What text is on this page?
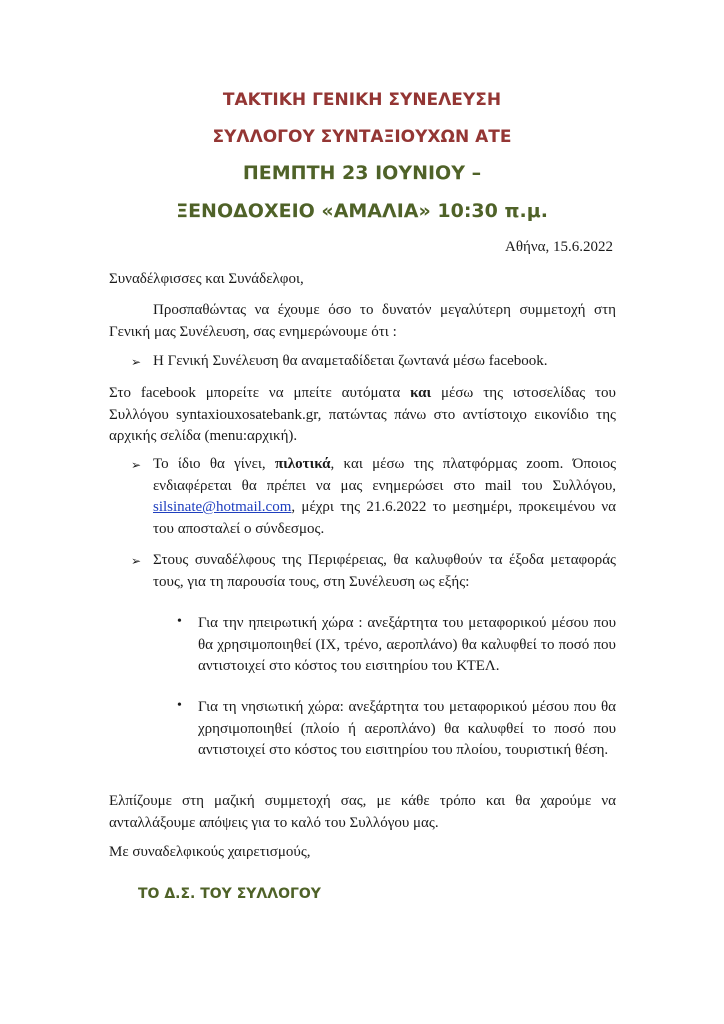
ΤΑΚΤΙΚΗ ΓΕΝΙΚΗ ΣΥΝΕΛΕΥΣΗ
ΣΥΛΛΟΓΟΥ ΣΥΝΤΑΞΙΟΥΧΩΝ ΑΤΕ
ΠΕΜΠΤΗ 23 ΙΟΥΝΙΟΥ –
ΞΕΝΟΔΟΧΕΙΟ «ΑΜΑΛΙΑ» 10:30 π.μ.
Αθήνα, 15.6.2022

Συναδέλφισσες και Συνάδελφοι,

Προσπαθώντας να έχουμε όσο το δυνατόν μεγαλύτερη συμμετοχή στη Γενική μας Συνέλευση, σας ενημερώνουμε ότι :

➢ Η Γενική Συνέλευση θα αναμεταδίδεται ζωντανά μέσω facebook.

Στο facebook μπορείτε να μπείτε αυτόματα και μέσω της ιστοσελίδας του Συλλόγου syntaxiouxosatebank.gr, πατώντας πάνω στο αντίστοιχο εικονίδιο της αρχικής σελίδα (menu:αρχική).

➢ Το ίδιο θα γίνει, πιλοτικά, και μέσω της πλατφόρμας zoom. Όποιος ενδιαφέρεται θα πρέπει να μας ενημερώσει στο mail του Συλλόγου, silsinate@hotmail.com, μέχρι της 21.6.2022 το μεσημέρι, προκειμένου να του αποσταλεί ο σύνδεσμος.

➢ Στους συναδέλφους της Περιφέρειας, θα καλυφθούν τα έξοδα μεταφοράς τους, για τη παρουσία τους, στη Συνέλευση ως εξής:

• Για την ηπειρωτική χώρα : ανεξάρτητα του μεταφορικού μέσου που θα χρησιμοποιηθεί (ΙΧ, τρένο, αεροπλάνο) θα καλυφθεί το ποσό που αντιστοιχεί στο κόστος του εισιτηρίου του ΚΤΕΛ.

• Για τη νησιωτική χώρα: ανεξάρτητα του μεταφορικού μέσου που θα χρησιμοποιηθεί (πλοίο ή αεροπλάνο) θα καλυφθεί το ποσό που αντιστοιχεί στο κόστος του εισιτηρίου του πλοίου, τουριστική θέση.

Ελπίζουμε στη μαζική συμμετοχή σας, με κάθε τρόπο και θα χαρούμε να ανταλλάξουμε απόψεις για το καλό του Συλλόγου μας.

Με συναδελφικούς χαιρετισμούς,

ΤΟ Δ.Σ. ΤΟΥ ΣΥΛΛΟΓΟΥ
